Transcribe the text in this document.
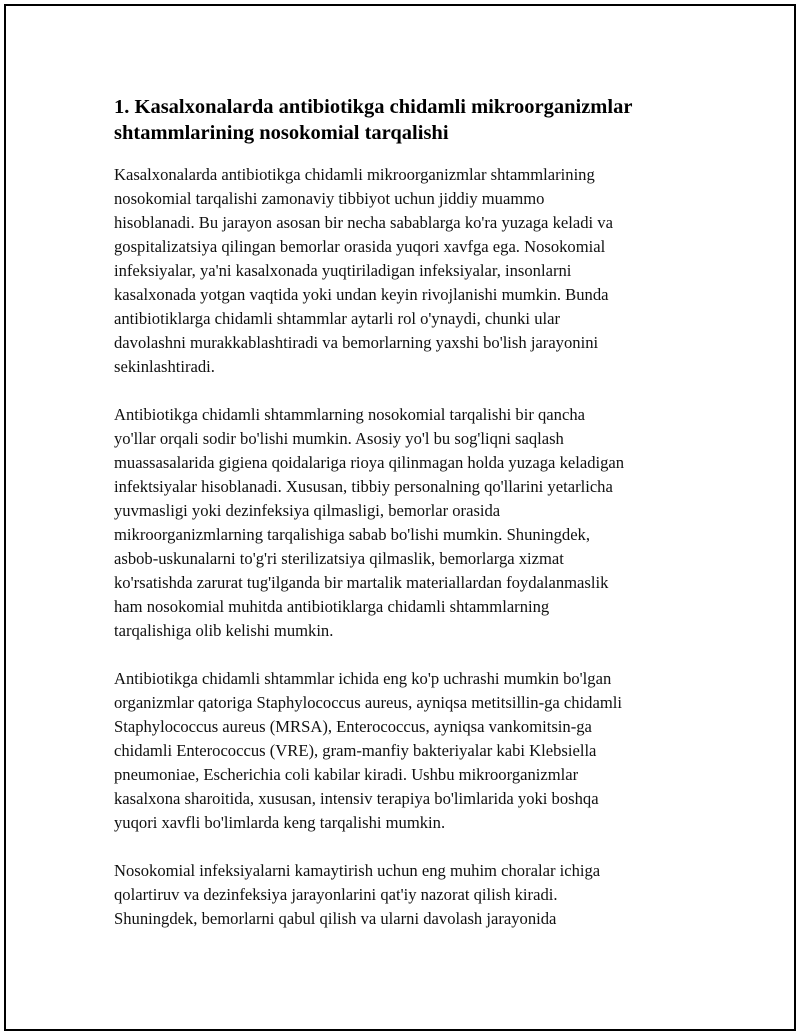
1. Kasalxonalarda antibiotikga chidamli mikroorganizmlar
shtammlarining nosokomial tarqalishi

Kasalxonalarda antibiotikga chidamli mikroorganizmlar shtammlarining
nosokomial tarqalishi zamonaviy tibbiyot uchun jiddiy muammo
hisoblanadi. Bu jarayon asosan bir necha sabablarga ko'ra yuzaga keladi va
gospitalizatsiya qilingan bemorlar orasida yuqori xavfga ega. Nosokomial
infeksiyalar, ya'ni kasalxonada yuqtiriladigan infeksiyalar, insonlarni
kasalxonada yotgan vaqtida yoki undan keyin rivojlanishi mumkin. Bunda
antibiotiklarga chidamli shtammlar aytarli rol o'ynaydi, chunki ular
davolashni murakkablashtiradi va bemorlarning yaxshi bo'lish jarayonini
sekinlashtiradi.

Antibiotikga chidamli shtammlarning nosokomial tarqalishi bir qancha
yo'llar orqali sodir bo'lishi mumkin. Asosiy yo'l bu sog'liqni saqlash
muassasalarida gigiena qoidalariga rioya qilinmagan holda yuzaga keladigan
infektsiyalar hisoblanadi. Xususan, tibbiy personalning qo'llarini yetarlicha
yuvmasligi yoki dezinfeksiya qilmasligi, bemorlar orasida
mikroorganizmlarning tarqalishiga sabab bo'lishi mumkin. Shuningdek,
asbob-uskunalarni to'g'ri sterilizatsiya qilmaslik, bemorlarga xizmat
ko'rsatishda zarurat tug'ilganda bir martalik materiallardan foydalanmaslik
ham nosokomial muhitda antibiotiklarga chidamli shtammlarning
tarqalishiga olib kelishi mumkin.

Antibiotikga chidamli shtammlar ichida eng ko'p uchrashi mumkin bo'lgan
organizmlar qatoriga Staphylococcus aureus, ayniqsa metitsillin-ga chidamli
Staphylococcus aureus (MRSA), Enterococcus, ayniqsa vankomitsin-ga
chidamli Enterococcus (VRE), gram-manfiy bakteriyalar kabi Klebsiella
pneumoniae, Escherichia coli kabilar kiradi. Ushbu mikroorganizmlar
kasalxona sharoitida, xususan, intensiv terapiya bo'limlarida yoki boshqa
yuqori xavfli bo'limlarda keng tarqalishi mumkin.

Nosokomial infeksiyalarni kamaytirish uchun eng muhim choralar ichiga
qolartiruv va dezinfeksiya jarayonlarini qat'iy nazorat qilish kiradi.
Shuningdek, bemorlarni qabul qilish va ularni davolash jarayonida
